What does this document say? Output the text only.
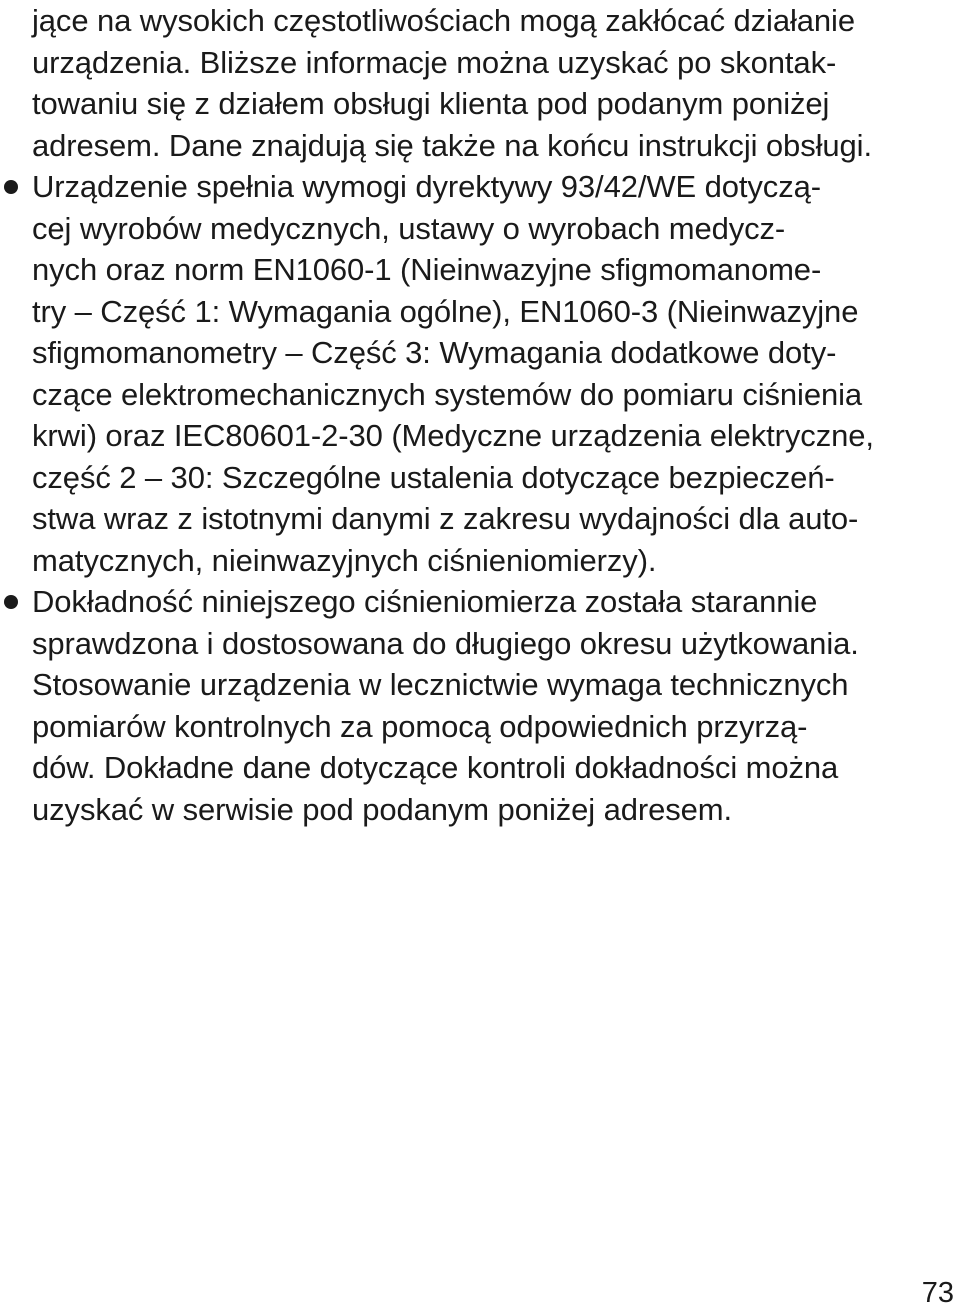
jące na wysokich częstotliwościach mogą zakłócać działanie
urządzenia. Bliższe informacje można uzyskać po skontak-
towaniu się z działem obsługi klienta pod podanym poniżej
adresem. Dane znajdują się także na końcu instrukcji obsługi.
Urządzenie spełnia wymogi dyrektywy 93/42/WE dotyczą-
cej wyrobów medycznych, ustawy o wyrobach medycz-
nych oraz norm EN1060-1 (Nieinwazyjne sfigmomanome-
try – Część 1: Wymagania ogólne), EN1060-3 (Nieinwazyjne
sfigmomanometry – Część 3: Wymagania dodatkowe doty-
czące elektromechanicznych systemów do pomiaru ciśnienia
krwi) oraz IEC80601-2-30 (Medyczne urządzenia elektryczne,
część 2 – 30: Szczególne ustalenia dotyczące bezpieczeń-
stwa wraz z istotnymi danymi z zakresu wydajności dla auto-
matycznych, nieinwazyjnych ciśnieniomierzy).
Dokładność niniejszego ciśnieniomierza została starannie
sprawdzona i dostosowana do długiego okresu użytkowania.
Stosowanie urządzenia w lecznictwie wymaga technicznych
pomiarów kontrolnych za pomocą odpowiednich przyrzą-
dów. Dokładne dane dotyczące kontroli dokładności można
uzyskać w serwisie pod podanym poniżej adresem.
73
